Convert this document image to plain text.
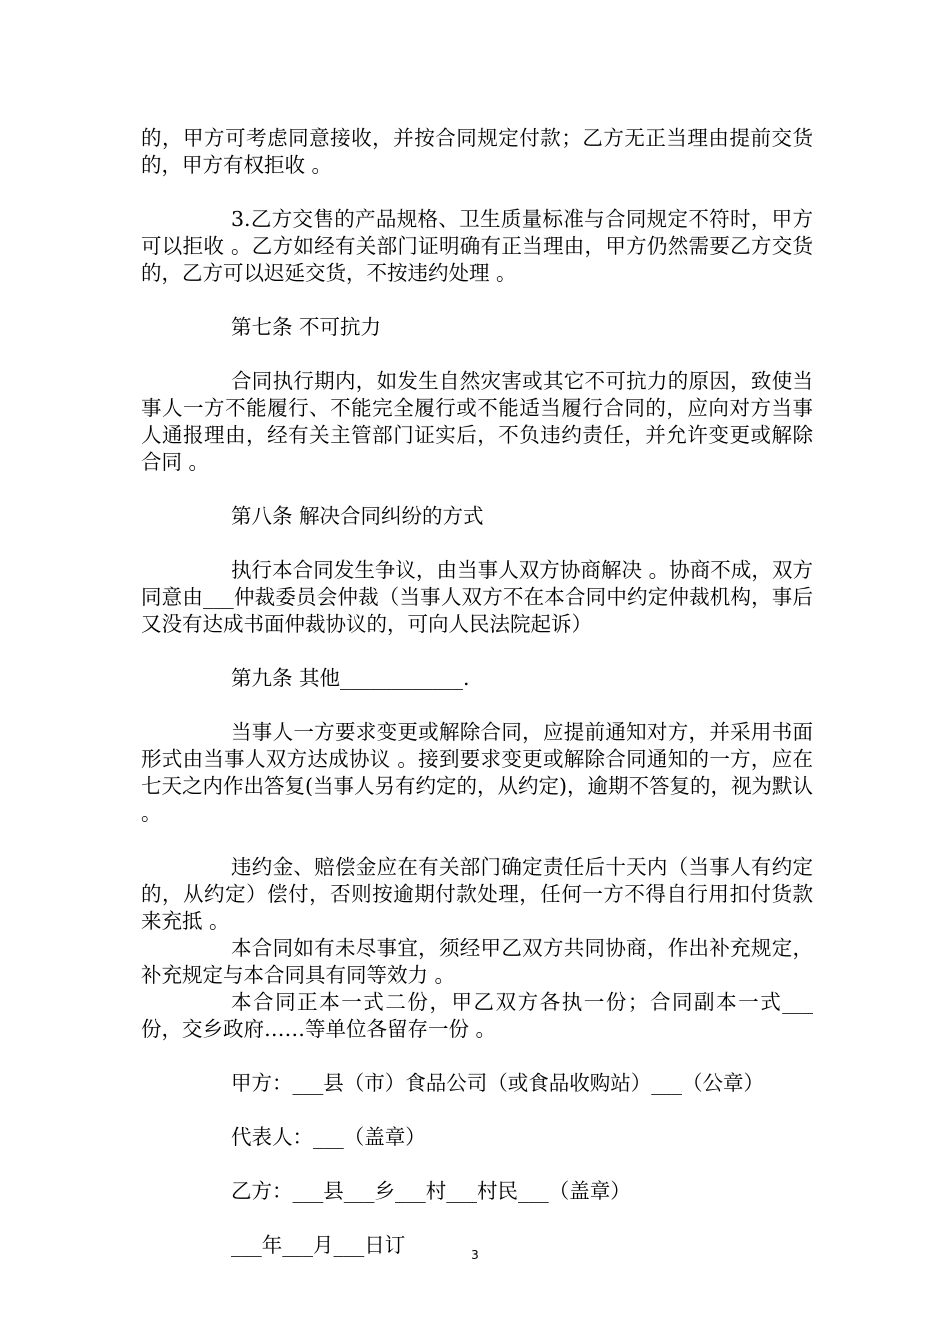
的，甲方可考虑同意接收，并按合同规定付款；乙方无正当理由提前交货的，甲方有权拒收 。

3.乙方交售的产品规格、卫生质量标准与合同规定不符时，甲方可以拒收 。乙方如经有关部门证明确有正当理由，甲方仍然需要乙方交货的，乙方可以迟延交货，不按违约处理 。

第七条 不可抗力

合同执行期内，如发生自然灾害或其它不可抗力的原因，致使当事人一方不能履行、不能完全履行或不能适当履行合同的，应向对方当事人通报理由，经有关主管部门证实后，不负违约责任，并允许变更或解除合同 。

第八条 解决合同纠纷的方式

执行本合同发生争议，由当事人双方协商解决 。协商不成，双方同意由___仲裁委员会仲裁（当事人双方不在本合同中约定仲裁机构，事后又没有达成书面仲裁协议的，可向人民法院起诉）

第九条 其他____________.

当事人一方要求变更或解除合同，应提前通知对方，并采用书面形式由当事人双方达成协议 。接到要求变更或解除合同通知的一方，应在七天之内作出答复(当事人另有约定的，从约定)，逾期不答复的，视为默认 。

违约金、赔偿金应在有关部门确定责任后十天内（当事人有约定的，从约定）偿付，否则按逾期付款处理，任何一方不得自行用扣付货款来充抵 。

本合同如有未尽事宜，须经甲乙双方共同协商，作出补充规定，补充规定与本合同具有同等效力 。

本合同正本一式二份，甲乙双方各执一份；合同副本一式___份，交乡政府……等单位各留存一份 。

甲方：___县（市）食品公司（或食品收购站）___（公章）

代表人：___（盖章）

乙方：___县___乡___村___村民___（盖章）

___年___月___日订	3
